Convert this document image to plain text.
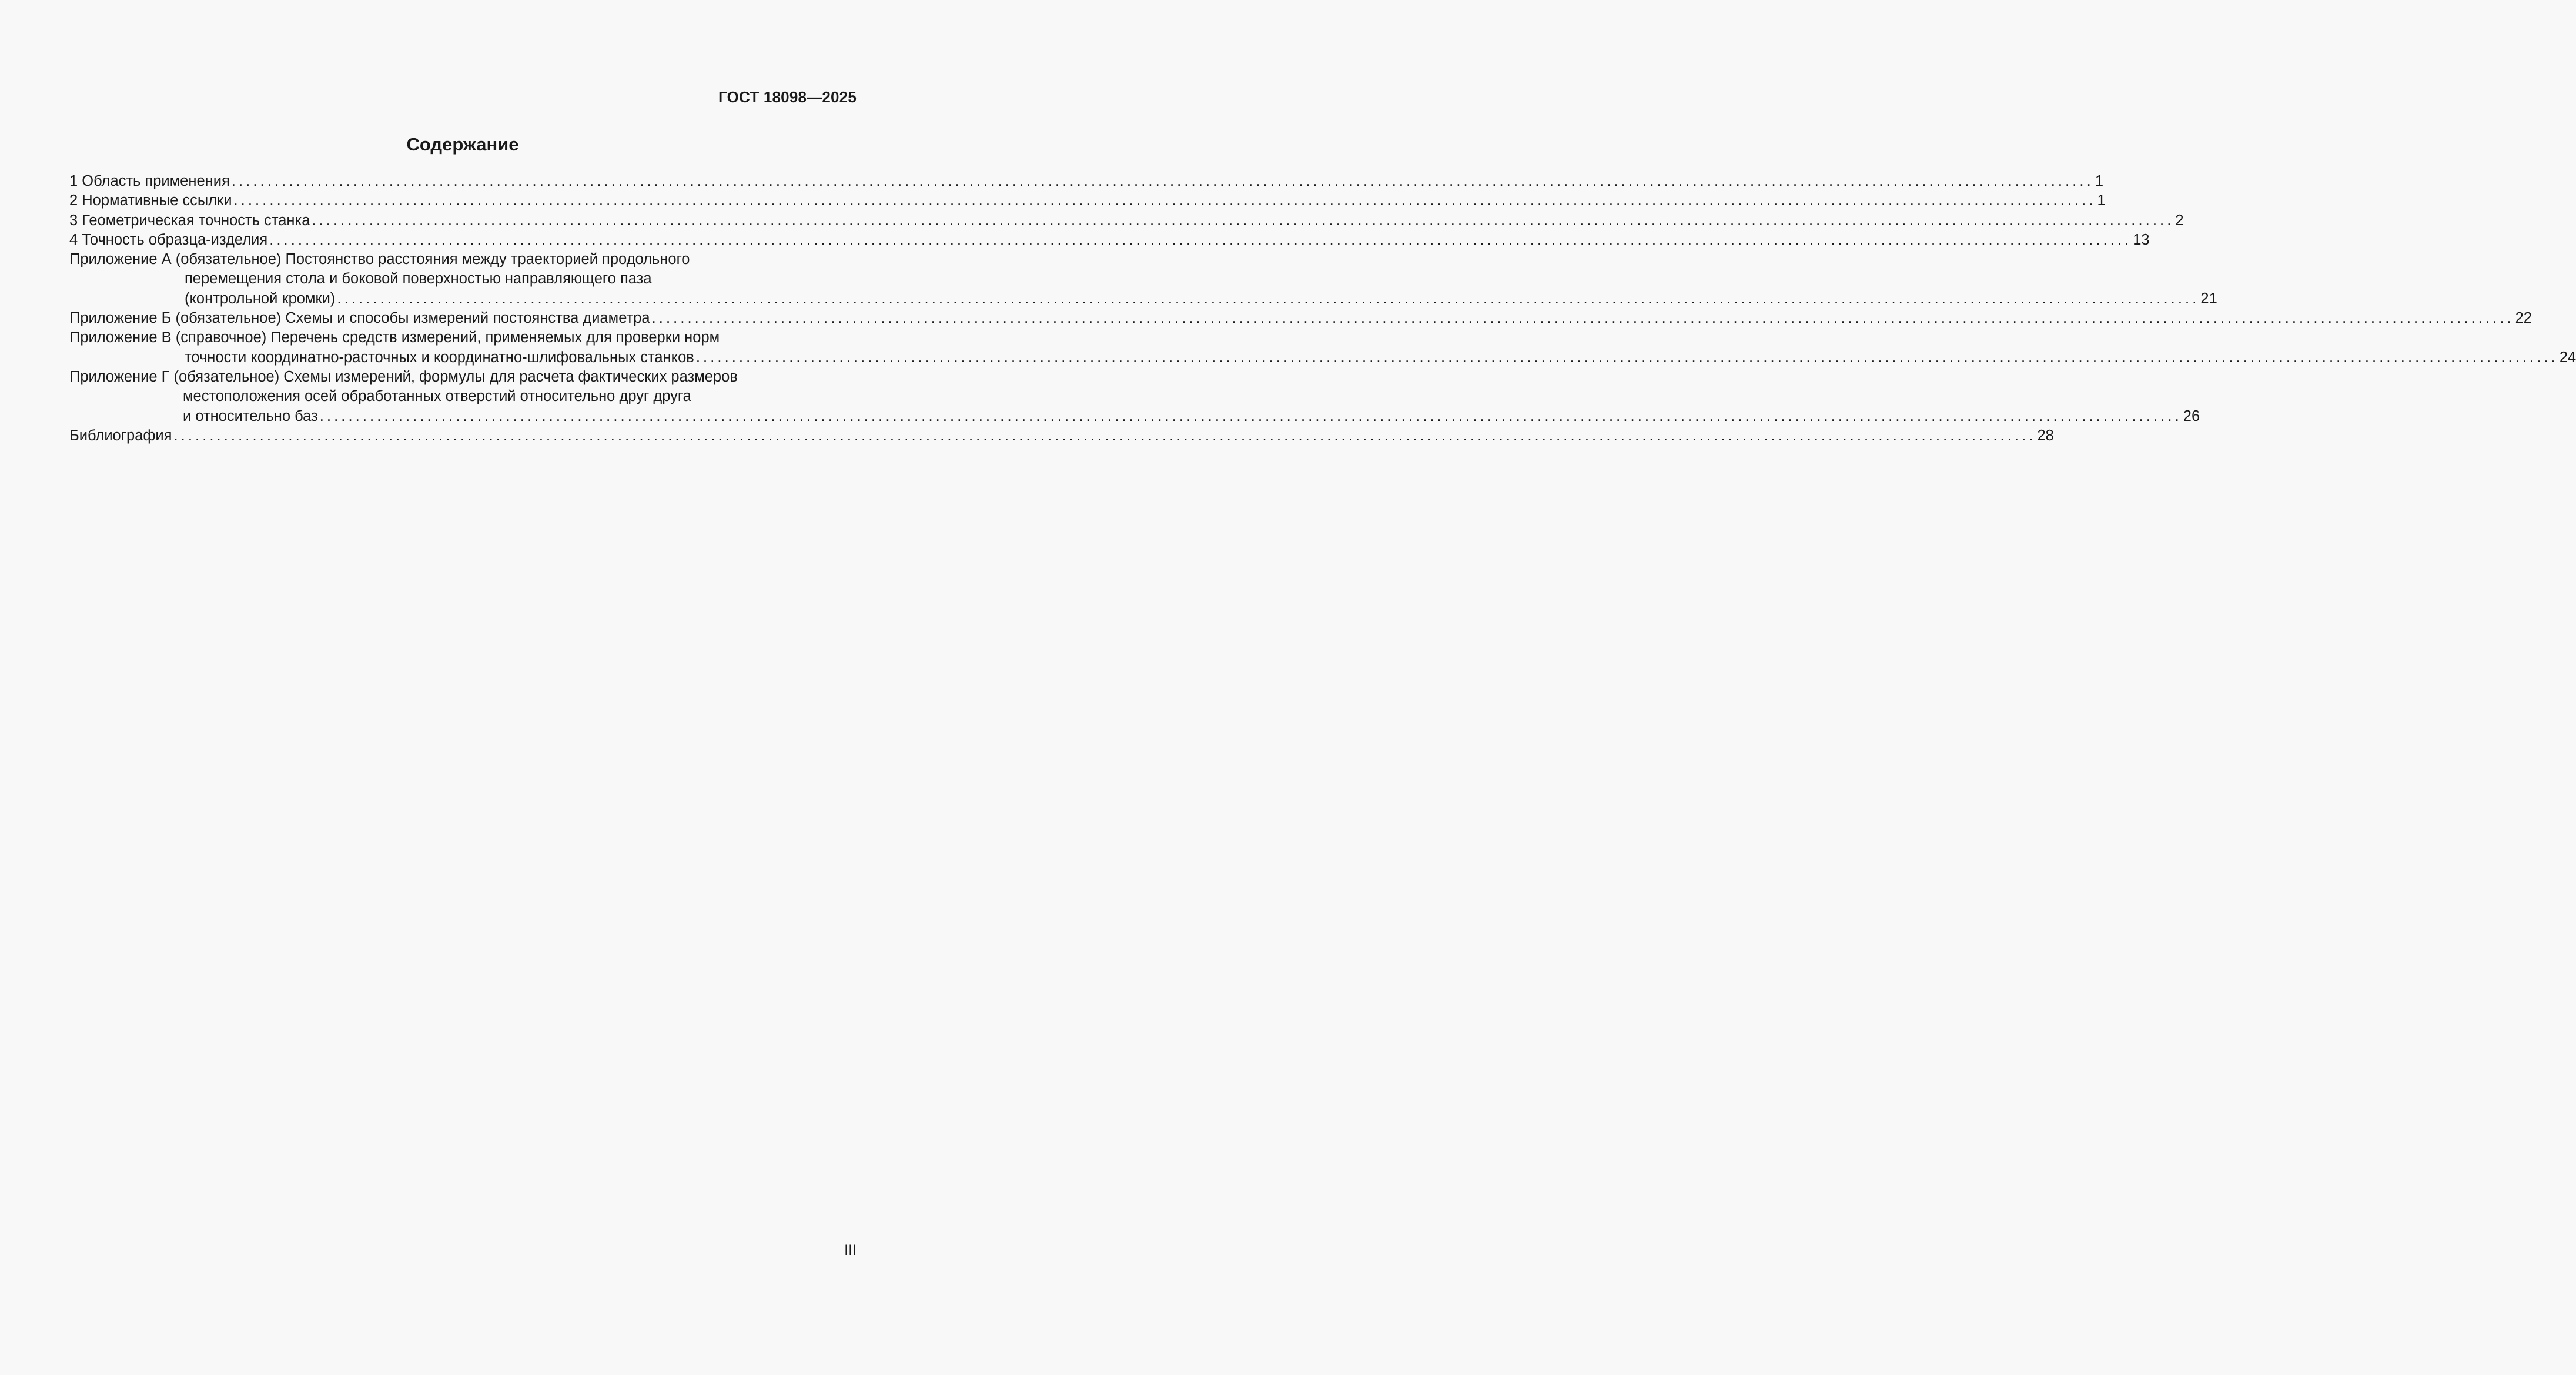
ГОСТ 18098—2025
Содержание
1 Область применения .................................................................................................................................................................................................................................................................... 1
2 Нормативные ссылки .................................................................................................................................................................................................................................................................... 1
3 Геометрическая точность станка .................................................................................................................................................................................................................................................................... 2
4 Точность образца-изделия .................................................................................................................................................................................................................................................................... 13
Приложение А (обязательное) Постоянство расстояния между траекторией продольного
перемещения стола и боковой поверхностью направляющего паза
(контрольной кромки) .................................................................................................................................................................................................................................................................... 21
Приложение Б (обязательное) Схемы и способы измерений постоянства диаметра .................................................................................................................................................................................................................................................................... 22
Приложение В (справочное) Перечень средств измерений, применяемых для проверки норм
точности координатно-расточных и координатно-шлифовальных станков .................................................................................................................................................................................................................................................................... 24
Приложение Г (обязательное) Схемы измерений, формулы для расчета фактических размеров
местоположения осей обработанных отверстий относительно друг друга
и относительно баз .................................................................................................................................................................................................................................................................... 26
Библиография .................................................................................................................................................................................................................................................................... 28
III
